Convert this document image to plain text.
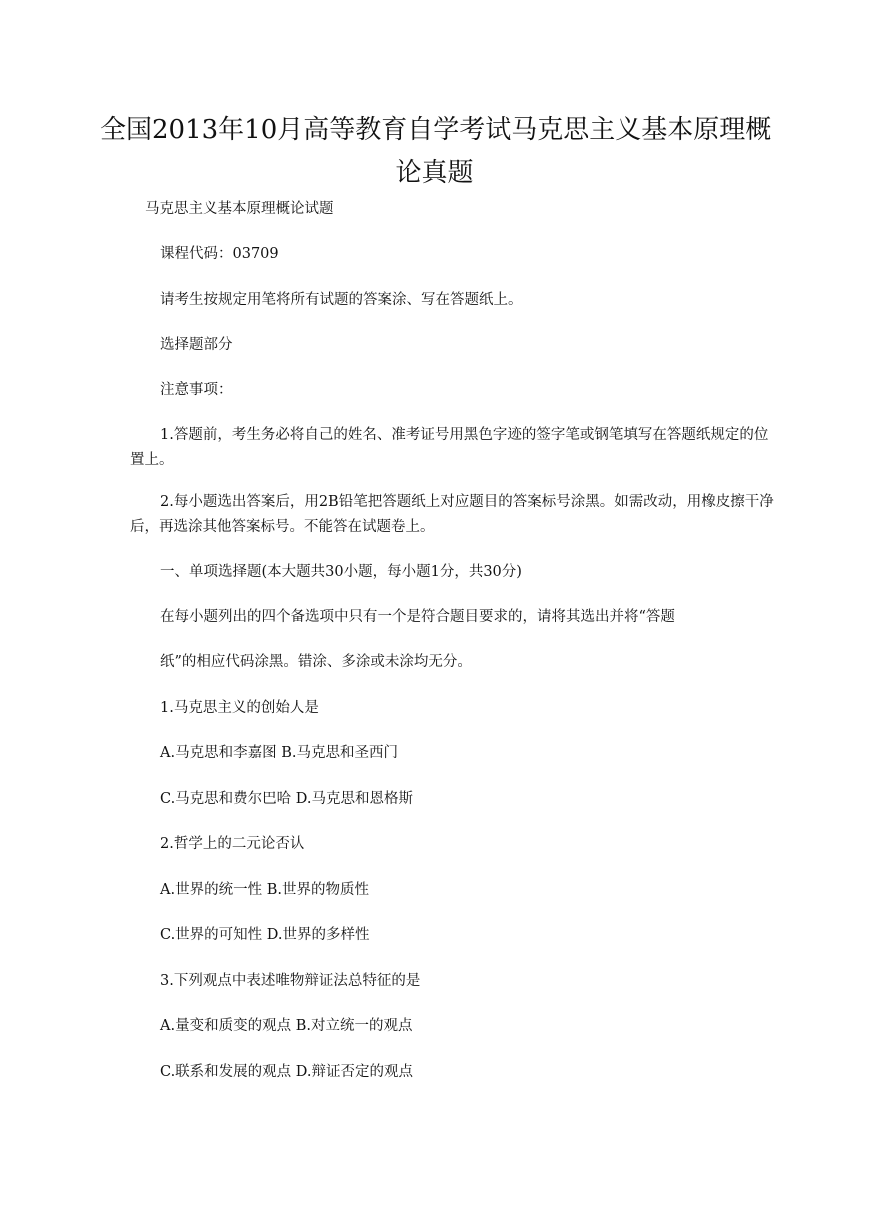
全国2013年10月高等教育自学考试马克思主义基本原理概
论真题

马克思主义基本原理概论试题

课程代码：03709

请考生按规定用笔将所有试题的答案涂、写在答题纸上。

选择题部分

注意事项：

1.答题前，考生务必将自己的姓名、准考证号用黑色字迹的签字笔或钢笔填写在答题纸规定的位置上。

2.每小题选出答案后，用2B铅笔把答题纸上对应题目的答案标号涂黑。如需改动，用橡皮擦干净后，再选涂其他答案标号。不能答在试题卷上。

一、单项选择题(本大题共30小题，每小题1分，共30分)

在每小题列出的四个备选项中只有一个是符合题目要求的，请将其选出并将“答题

纸”的相应代码涂黑。错涂、多涂或未涂均无分。

1.马克思主义的创始人是

A.马克思和李嘉图 B.马克思和圣西门

C.马克思和费尔巴哈 D.马克思和恩格斯

2.哲学上的二元论否认

A.世界的统一性 B.世界的物质性

C.世界的可知性 D.世界的多样性

3.下列观点中表述唯物辩证法总特征的是

A.量变和质变的观点 B.对立统一的观点

C.联系和发展的观点 D.辩证否定的观点
